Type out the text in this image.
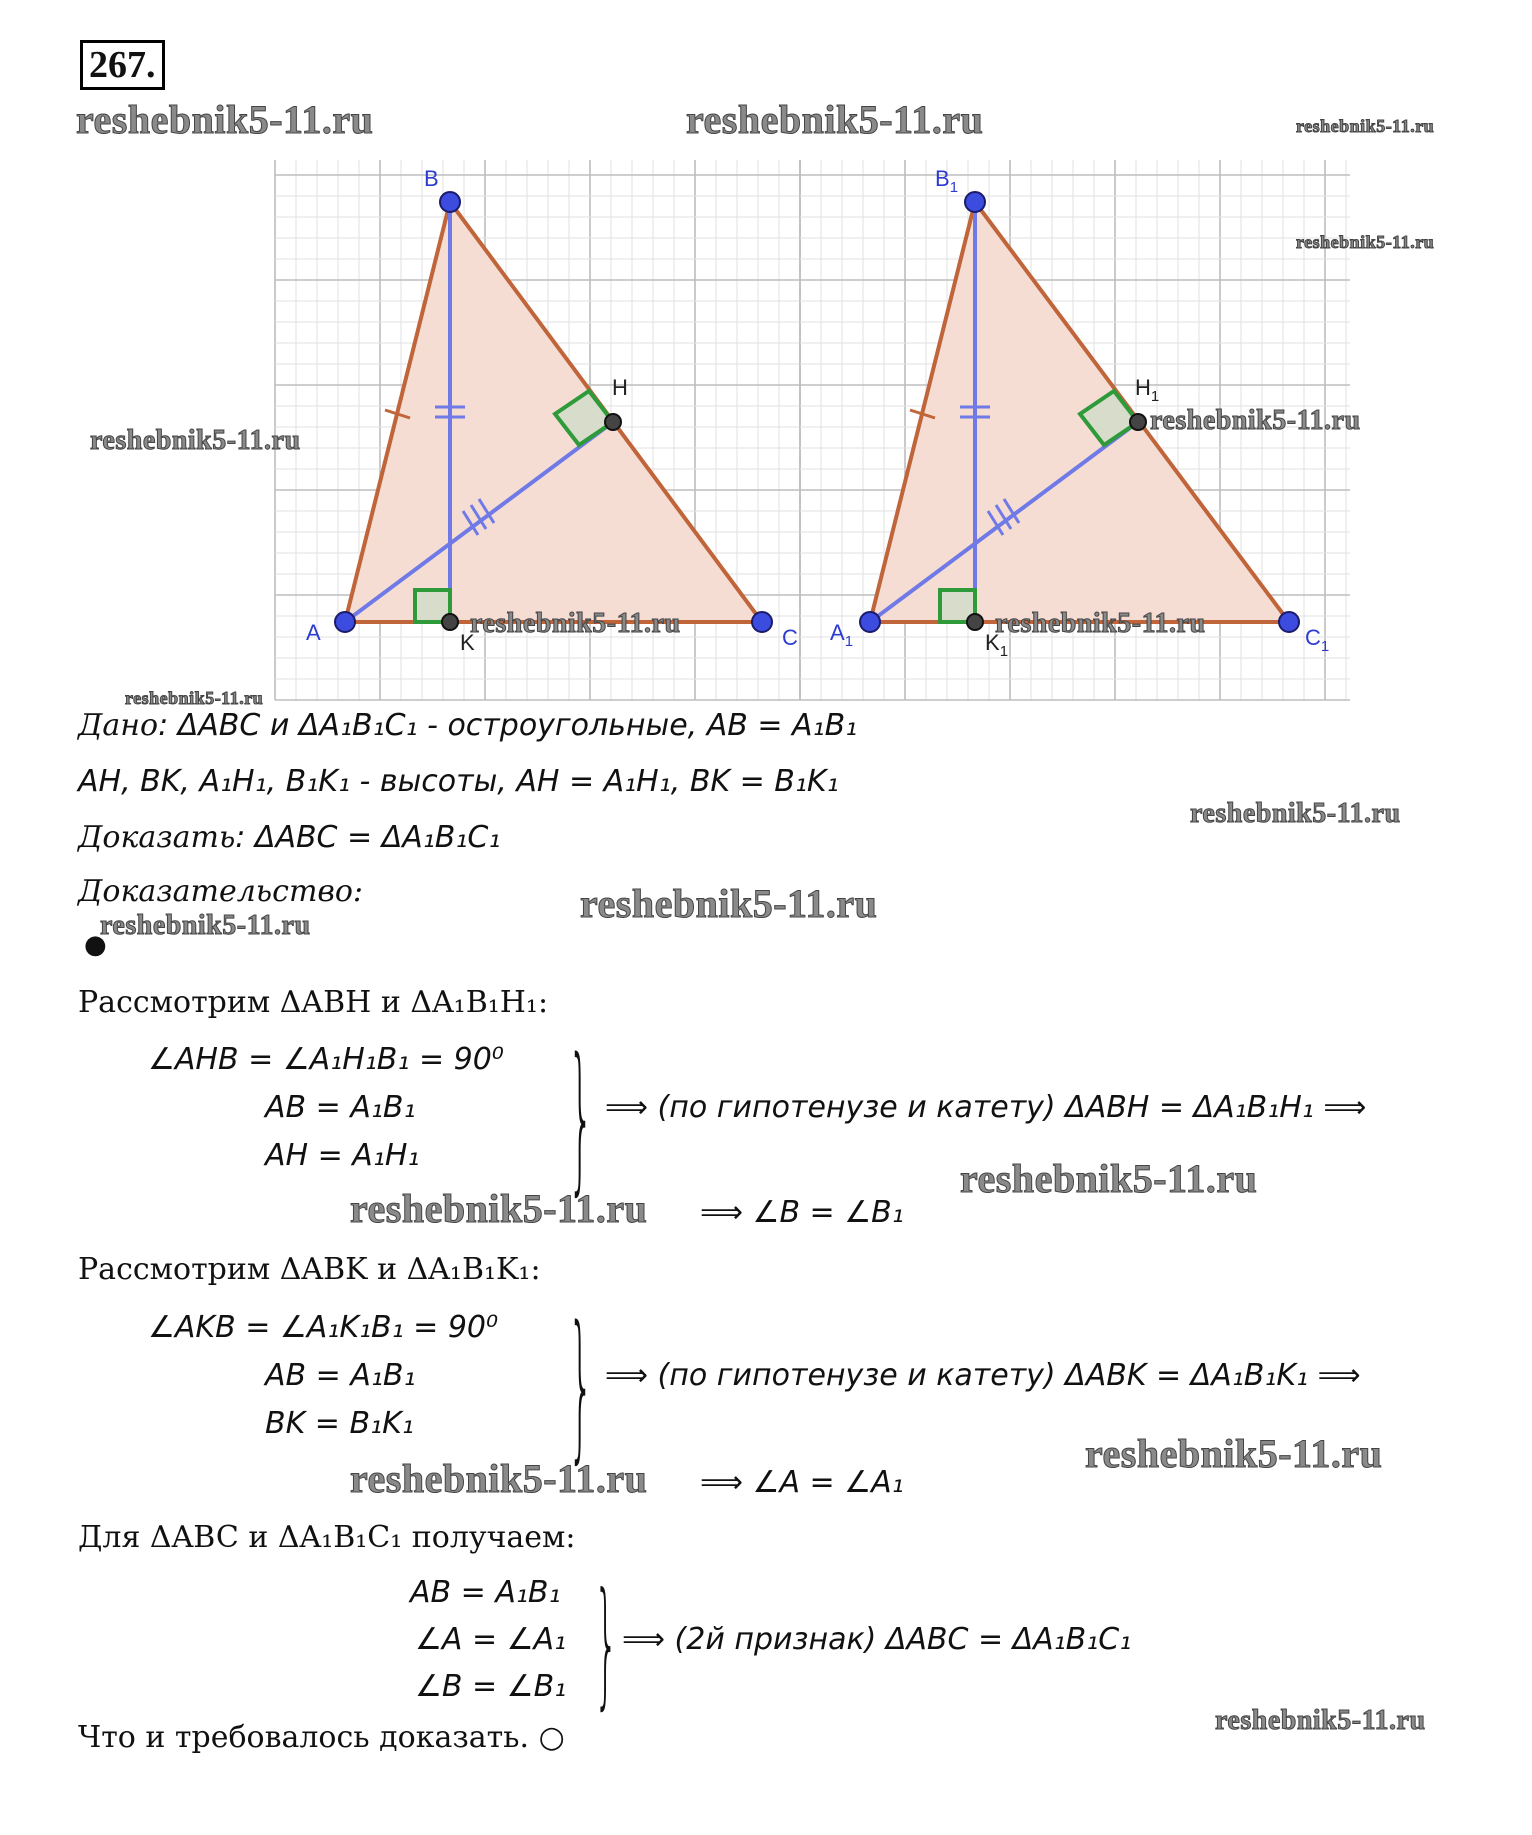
267.
A
B
C
H
K	$A_1$
$B_1$
$C_1$
$H_1$
$K_1$
reshebnik5-11.ru	reshebnik5-11.ru	reshebnik5-11.ru
reshebnik5-11.ru
reshebnik5-11.ru
reshebnik5-11.ru
reshebnik5-11.ru	reshebnik5-11.ru
reshebnik5-11.ru
reshebnik5-11.ru
reshebnik5-11.ru
reshebnik5-11.ru
reshebnik5-11.ru
reshebnik5-11.ru
reshebnik5-11.ru
reshebnik5-11.ru
reshebnik5-11.ru
Дано: ΔABC и ΔA₁B₁C₁ - остроугольные, AB = A₁B₁
AH, BK, A₁H₁, B₁K₁ - высоты, AH = A₁H₁, BK = B₁K₁
Доказать: ΔABC = ΔA₁B₁C₁
Доказательство:
●
Рассмотрим ΔABH и ΔA₁B₁H₁:
∠AHB = ∠A₁H₁B₁ = 90⁰
AB = A₁B₁
AH = A₁H₁	} ⟹ (по гипотенузе и катету) ΔABH = ΔA₁B₁H₁ ⟹
⟹ ∠B = ∠B₁
Рассмотрим ΔABK и ΔA₁B₁K₁:
∠AKB = ∠A₁K₁B₁ = 90⁰
AB = A₁B₁
BK = B₁K₁	} ⟹ (по гипотенузе и катету) ΔABK = ΔA₁B₁K₁ ⟹
⟹ ∠A = ∠A₁
Для ΔABC и ΔA₁B₁C₁ получаем:
AB = A₁B₁
∠A = ∠A₁
∠B = ∠B₁ } ⟹ (2й признак) ΔABC = ΔA₁B₁C₁
Что и требовалось доказать. ○
